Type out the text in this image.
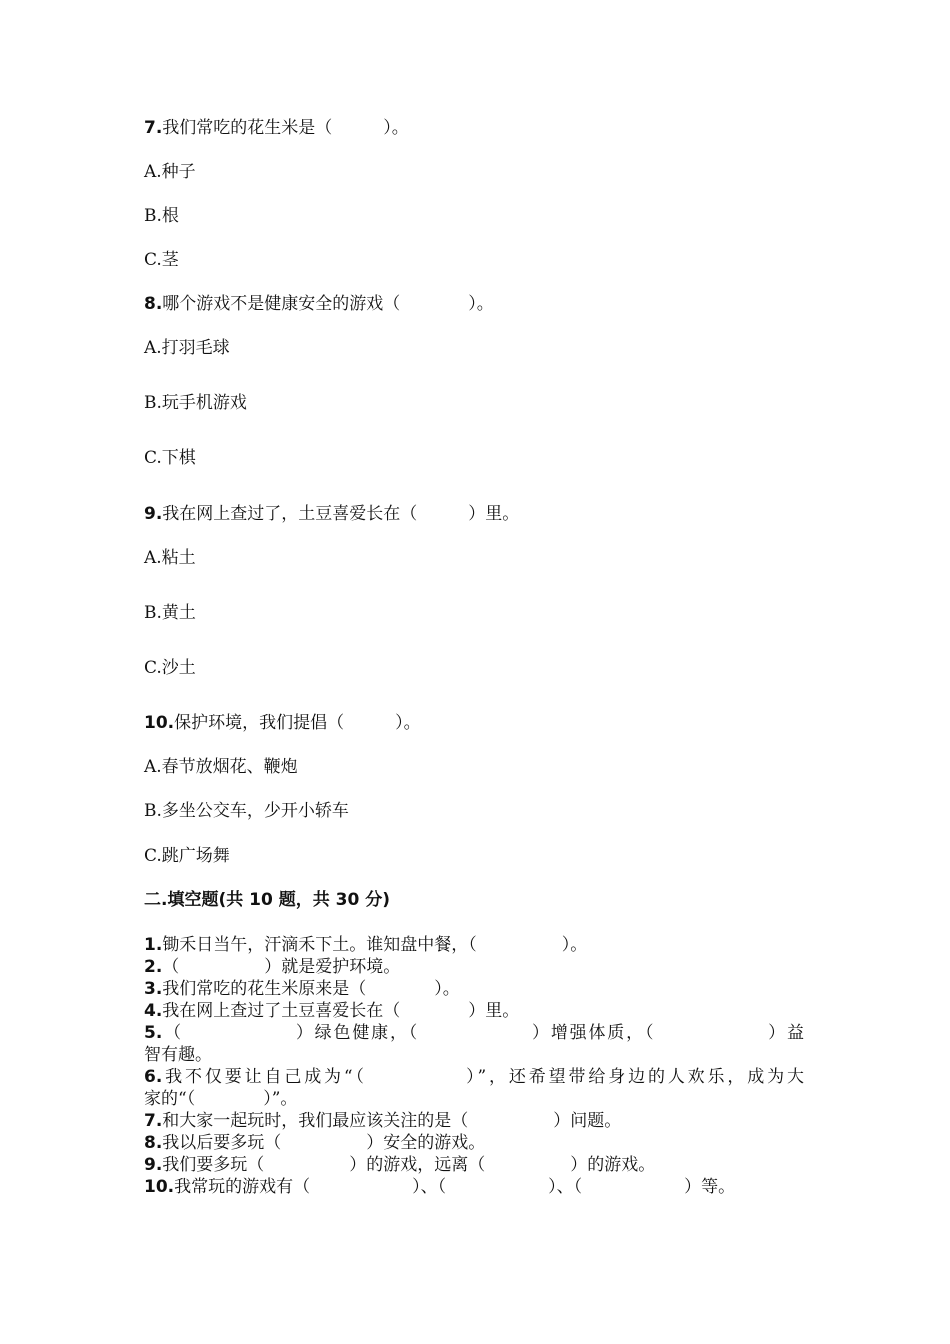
7.我们常吃的花生米是（　　　）。
A.种子
B.根
C.茎
8.哪个游戏不是健康安全的游戏（　　　　）。
A.打羽毛球
B.玩手机游戏
C.下棋
9.我在网上查过了，土豆喜爱长在（　　　）里。
A.粘土
B.黄土
C.沙土
10.保护环境，我们提倡（　　　）。
A.春节放烟花、鞭炮
B.多坐公交车，少开小轿车
C.跳广场舞
二.填空题(共 10 题，共 30 分)
1.锄禾日当午，汗滴禾下土。谁知盘中餐，（　　　　　）。
2.（　　　　　）就是爱护环境。
3.我们常吃的花生米原来是（　　　　）。
4.我在网上查过了土豆喜爱长在（　　　　）里。
5.（　　　　　　）绿色健康，（　　　　　　）增强体质，（　　　　　　）益
智有趣。
6.我不仅要让自己成为“（　　　　　）”，还希望带给身边的人欢乐，成为大
家的“（　　　　）”。
7.和大家一起玩时，我们最应该关注的是（　　　　　）问题。
8.我以后要多玩（　　　　　）安全的游戏。
9.我们要多玩（　　　　　）的游戏，远离（　　　　　）的游戏。
10.我常玩的游戏有（　　　　　　）、（　　　　　　）、（　　　　　　）等。
